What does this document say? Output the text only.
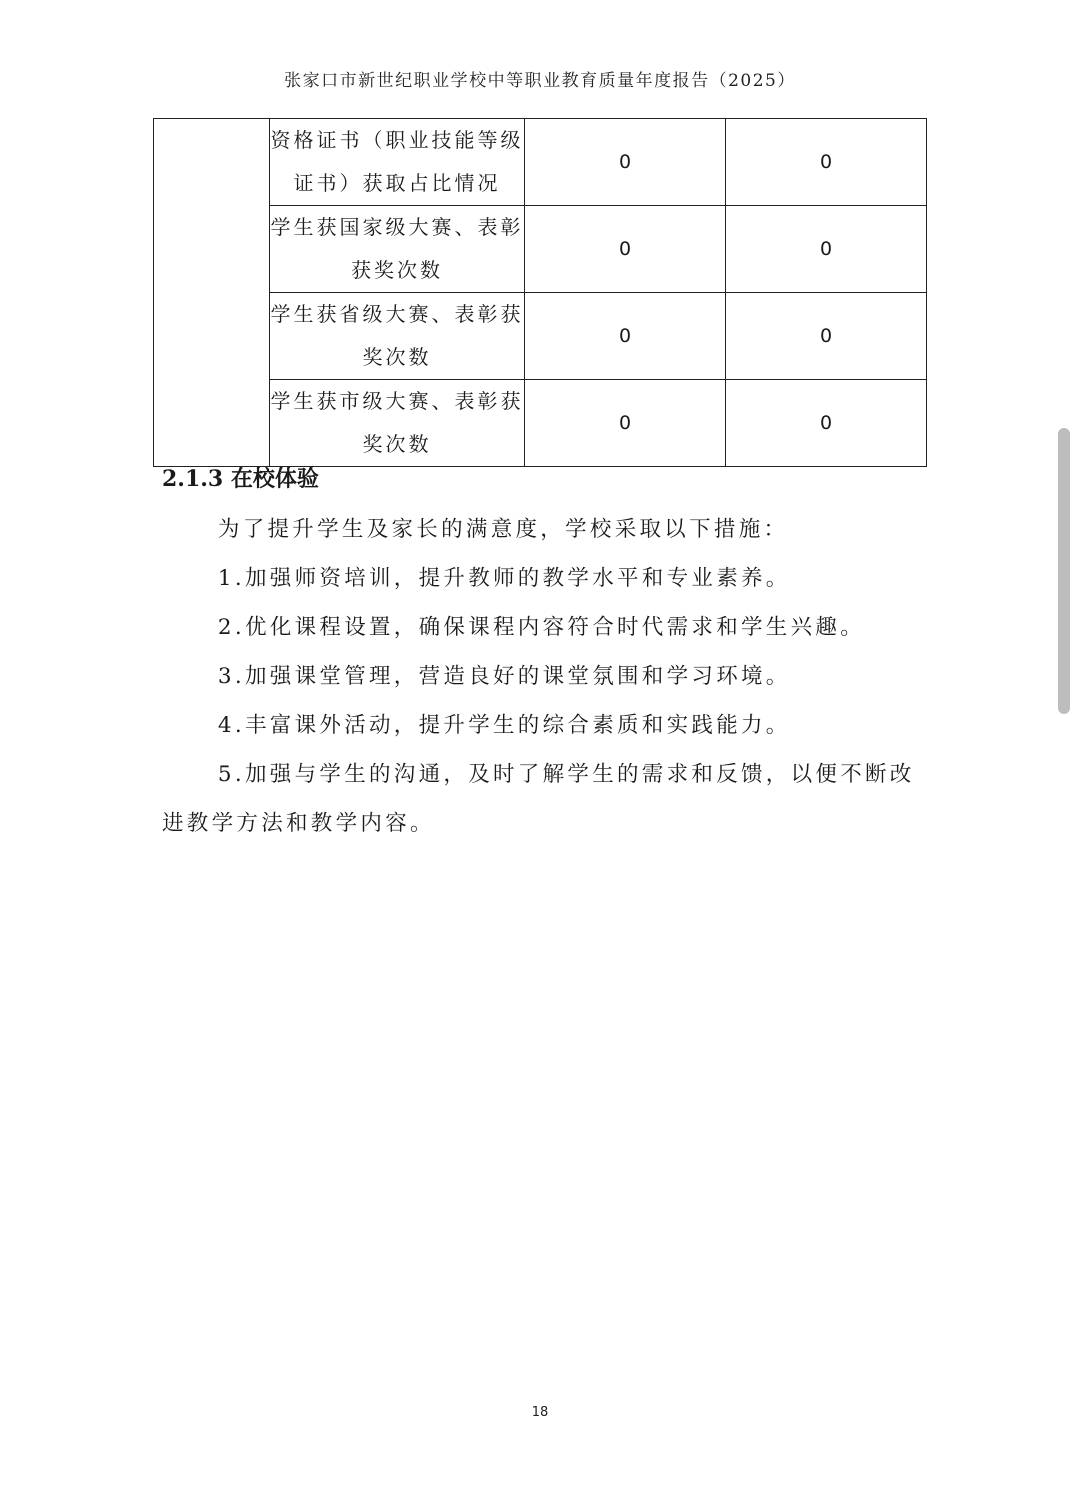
张家口市新世纪职业学校中等职业教育质量年度报告（2025）
	资格证书（职业技能等级
证书）获取占比情况	0	0
	学生获国家级大赛、表彰
获奖次数	0	0
	学生获省级大赛、表彰获
奖次数	0	0
	学生获市级大赛、表彰获
奖次数	0	0
2.1.3 在校体验

为了提升学生及家长的满意度，学校采取以下措施：

1.加强师资培训，提升教师的教学水平和专业素养。

2.优化课程设置，确保课程内容符合时代需求和学生兴趣。

3.加强课堂管理，营造良好的课堂氛围和学习环境。

4.丰富课外活动，提升学生的综合素质和实践能力。

5.加强与学生的沟通，及时了解学生的需求和反馈，以便不断改进教学方法和教学内容。

18
